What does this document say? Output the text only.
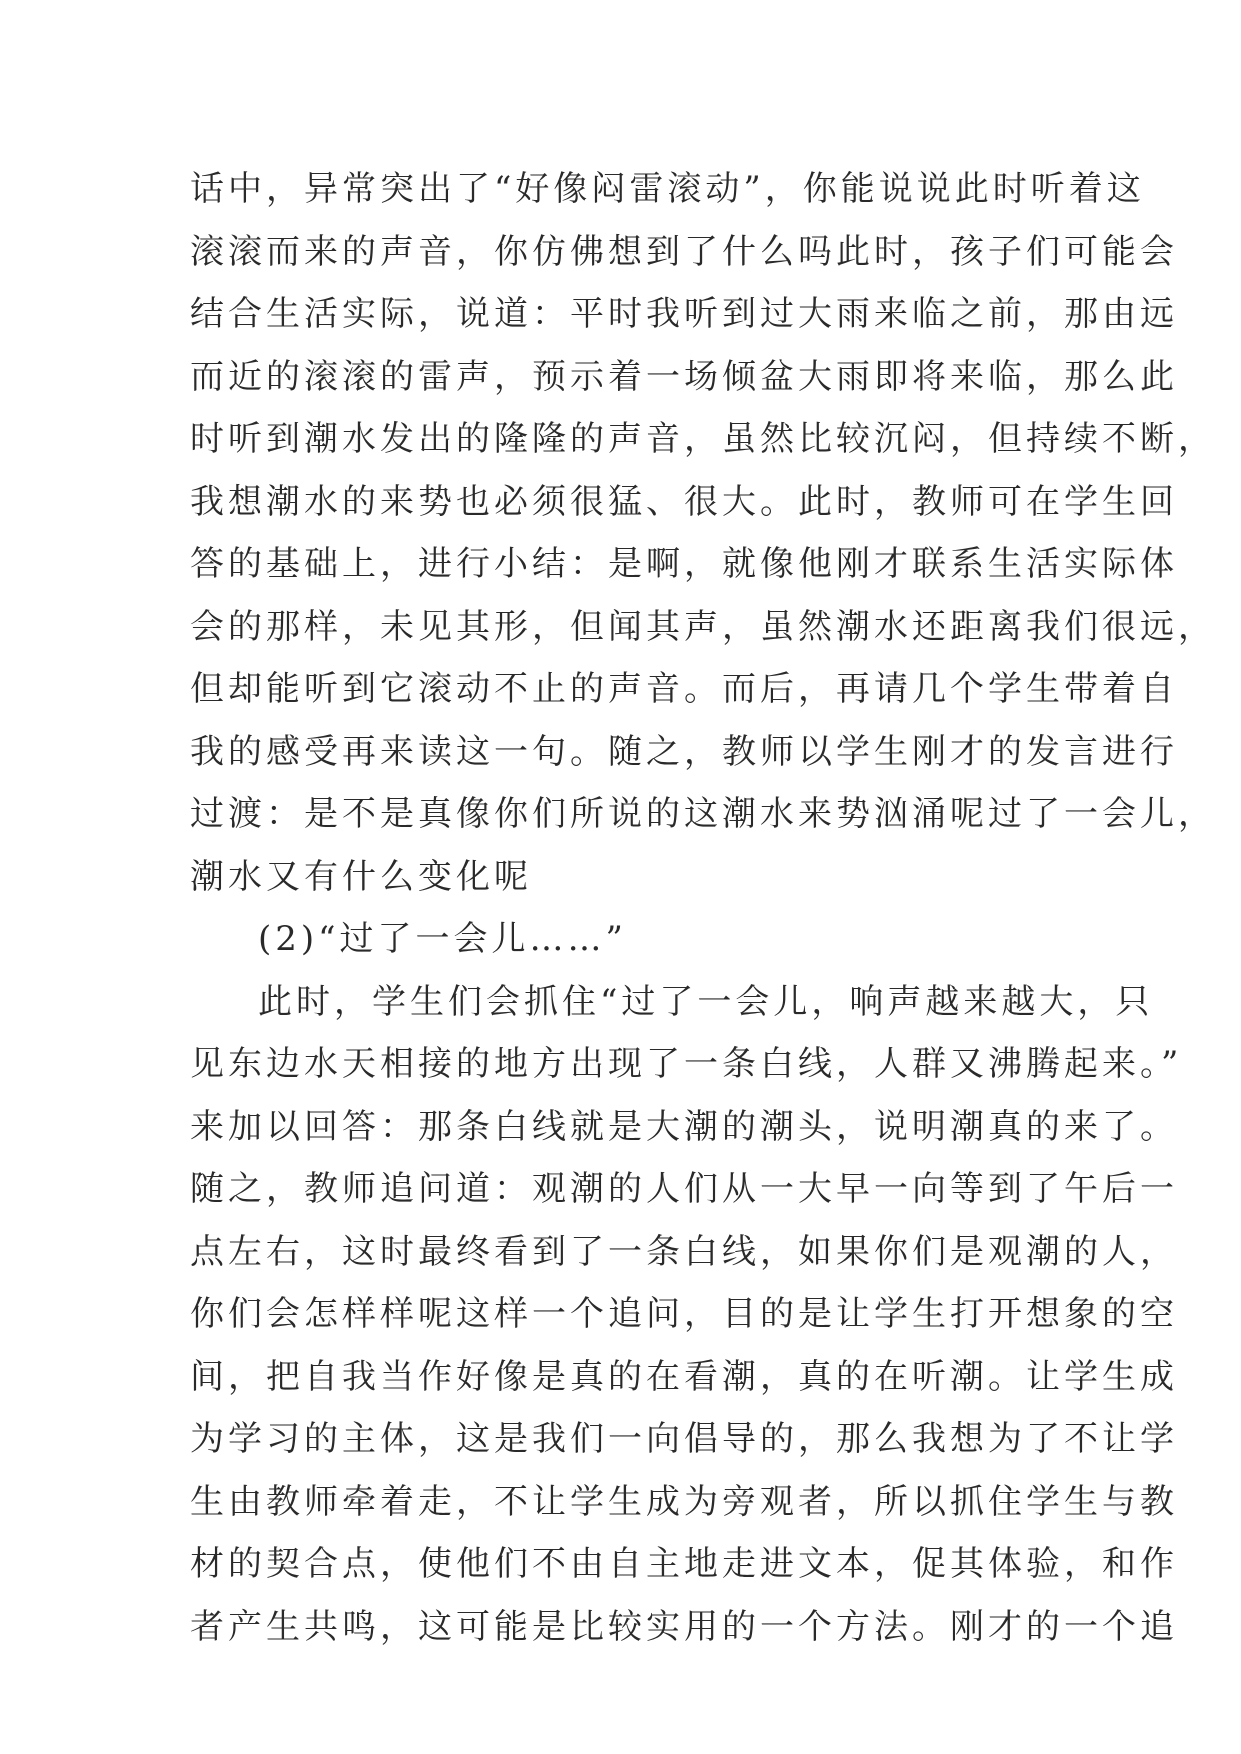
话中，异常突出了“好像闷雷滚动”，你能说说此时听着这
滚滚而来的声音，你仿佛想到了什么吗此时，孩子们可能会
结合生活实际，说道：平时我听到过大雨来临之前，那由远
而近的滚滚的雷声，预示着一场倾盆大雨即将来临，那么此
时听到潮水发出的隆隆的声音，虽然比较沉闷，但持续不断，
我想潮水的来势也必须很猛、很大。此时，教师可在学生回
答的基础上，进行小结：是啊，就像他刚才联系生活实际体
会的那样，未见其形，但闻其声，虽然潮水还距离我们很远，
但却能听到它滚动不止的声音。而后，再请几个学生带着自
我的感受再来读这一句。随之，教师以学生刚才的发言进行
过渡：是不是真像你们所说的这潮水来势汹涌呢过了一会儿，
潮水又有什么变化呢
(2)“过了一会儿……”
此时，学生们会抓住“过了一会儿，响声越来越大，只
见东边水天相接的地方出现了一条白线，人群又沸腾起来。”
来加以回答：那条白线就是大潮的潮头，说明潮真的来了。
随之，教师追问道：观潮的人们从一大早一向等到了午后一
点左右，这时最终看到了一条白线，如果你们是观潮的人，
你们会怎样样呢这样一个追问，目的是让学生打开想象的空
间，把自我当作好像是真的在看潮，真的在听潮。让学生成
为学习的主体，这是我们一向倡导的，那么我想为了不让学
生由教师牵着走，不让学生成为旁观者，所以抓住学生与教
材的契合点，使他们不由自主地走进文本，促其体验，和作
者产生共鸣，这可能是比较实用的一个方法。刚才的一个追
